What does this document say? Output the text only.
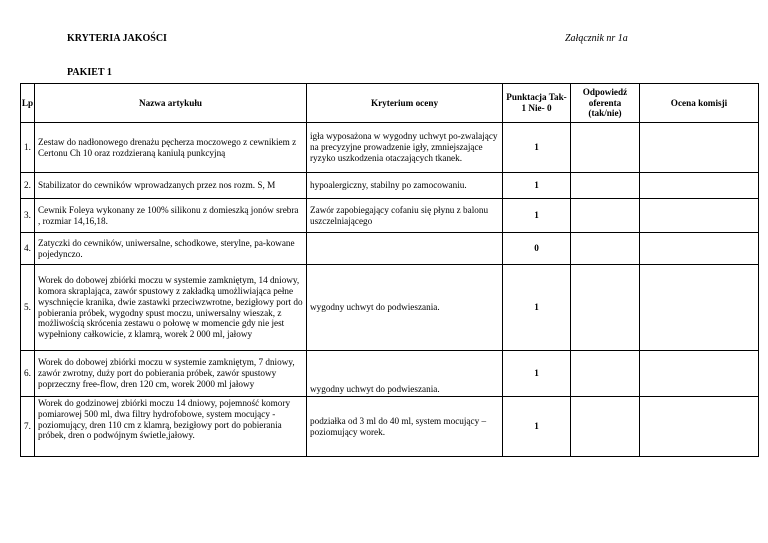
KRYTERIA JAKOŚCI	Załącznik nr 1a
PAKIET 1
Lp	Nazwa artykułu	Kryterium oceny	Punktacja Tak- 1 Nie- 0	Odpowiedź oferenta (tak/nie)	Ocena komisji
1.	Zestaw do nadłonowego drenażu pęcherza moczowego z cewnikiem z Certonu Ch 10 oraz rozdzieraną kaniulą punkcyjną	igła wyposażona w wygodny uchwyt po-zwalający na precyzyjne prowadzenie igły, zmniejszające ryzyko uszkodzenia otaczających tkanek.	1		
2.	Stabilizator do cewników wprowadzanych przez nos rozm. S, M	hypoalergiczny, stabilny po zamocowaniu.	1		
3.	Cewnik Foleya wykonany ze 100% silikonu z domieszką jonów srebra , rozmiar 14,16,18.	Zawór zapobiegający cofaniu się płynu z balonu uszczelniającego	1		
4.	Zatyczki do cewników, uniwersalne, schodkowe, sterylne, pa-kowane pojedynczo.		0		
5.	Worek do dobowej zbiórki moczu w systemie zamkniętym, 14 dniowy, komora skraplająca, zawór spustowy z zakładką umożliwiająca pełne wyschnięcie kranika, dwie zastawki przeciwzwrotne, bezigłowy port do pobierania próbek, wygodny spust moczu, uniwersalny wieszak, z możliwością skrócenia zestawu o połowę w momencie gdy nie jest wypełniony całkowicie, z klamrą, worek 2 000 ml, jałowy	wygodny uchwyt do podwieszania.	1		
6.	Worek do dobowej zbiórki moczu w systemie zamkniętym, 7 dniowy, zawór zwrotny, duży port do pobierania próbek, zawór spustowy poprzeczny free-flow, dren 120 cm, worek 2000 ml jałowy	wygodny uchwyt do podwieszania.	1		
7.	Worek do godzinowej zbiórki moczu 14 dniowy, pojemność komory pomiarowej 500 ml, dwa filtry hydrofobowe, system mocujący - poziomujący, dren 110 cm z klamrą, bezigłowy port do pobierania próbek, dren o podwójnym świetle,jałowy.	podziałka od 3 ml do 40 ml, system mocujący – poziomujący worek.	1		
